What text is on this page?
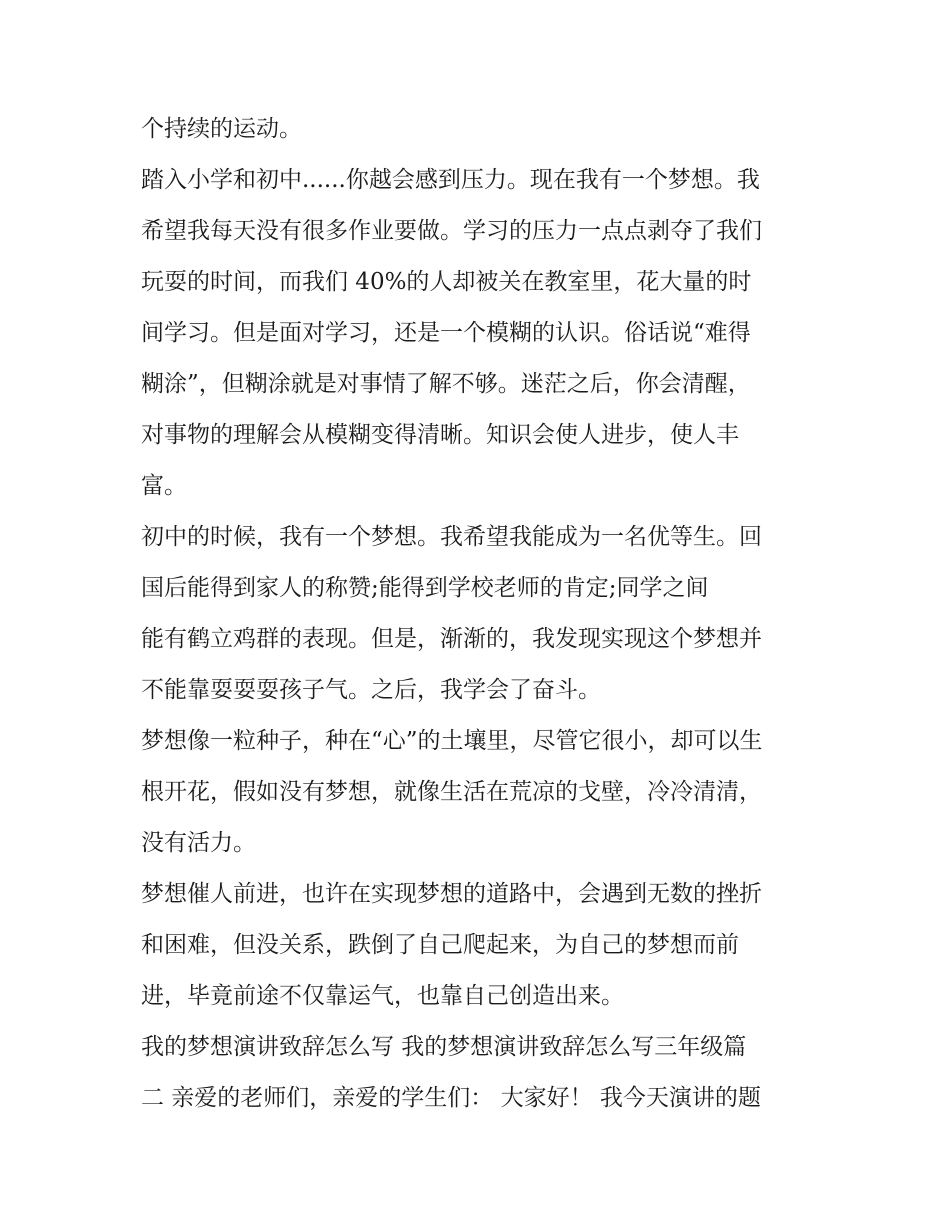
个持续的运动。
踏入小学和初中......你越会感到压力。现在我有一个梦想。我
希望我每天没有很多作业要做。学习的压力一点点剥夺了我们
玩耍的时间，而我们 40%的人却被关在教室里，花大量的时
间学习。但是面对学习，还是一个模糊的认识。俗话说“难得
糊涂”，但糊涂就是对事情了解不够。迷茫之后，你会清醒，
对事物的理解会从模糊变得清晰。知识会使人进步，使人丰
富。
初中的时候，我有一个梦想。我希望我能成为一名优等生。回
国后能得到家人的称赞;能得到学校老师的肯定;同学之间
能有鹤立鸡群的表现。但是，渐渐的，我发现实现这个梦想并
不能靠耍耍耍孩子气。之后，我学会了奋斗。
梦想像一粒种子，种在“心”的土壤里，尽管它很小，却可以生
根开花，假如没有梦想，就像生活在荒凉的戈壁，冷冷清清，
没有活力。
梦想催人前进，也许在实现梦想的道路中，会遇到无数的挫折
和困难，但没关系，跌倒了自己爬起来，为自己的梦想而前
进，毕竟前途不仅靠运气，也靠自己创造出来。
我的梦想演讲致辞怎么写 我的梦想演讲致辞怎么写三年级篇
二 亲爱的老师们，亲爱的学生们： 大家好！ 我今天演讲的题
